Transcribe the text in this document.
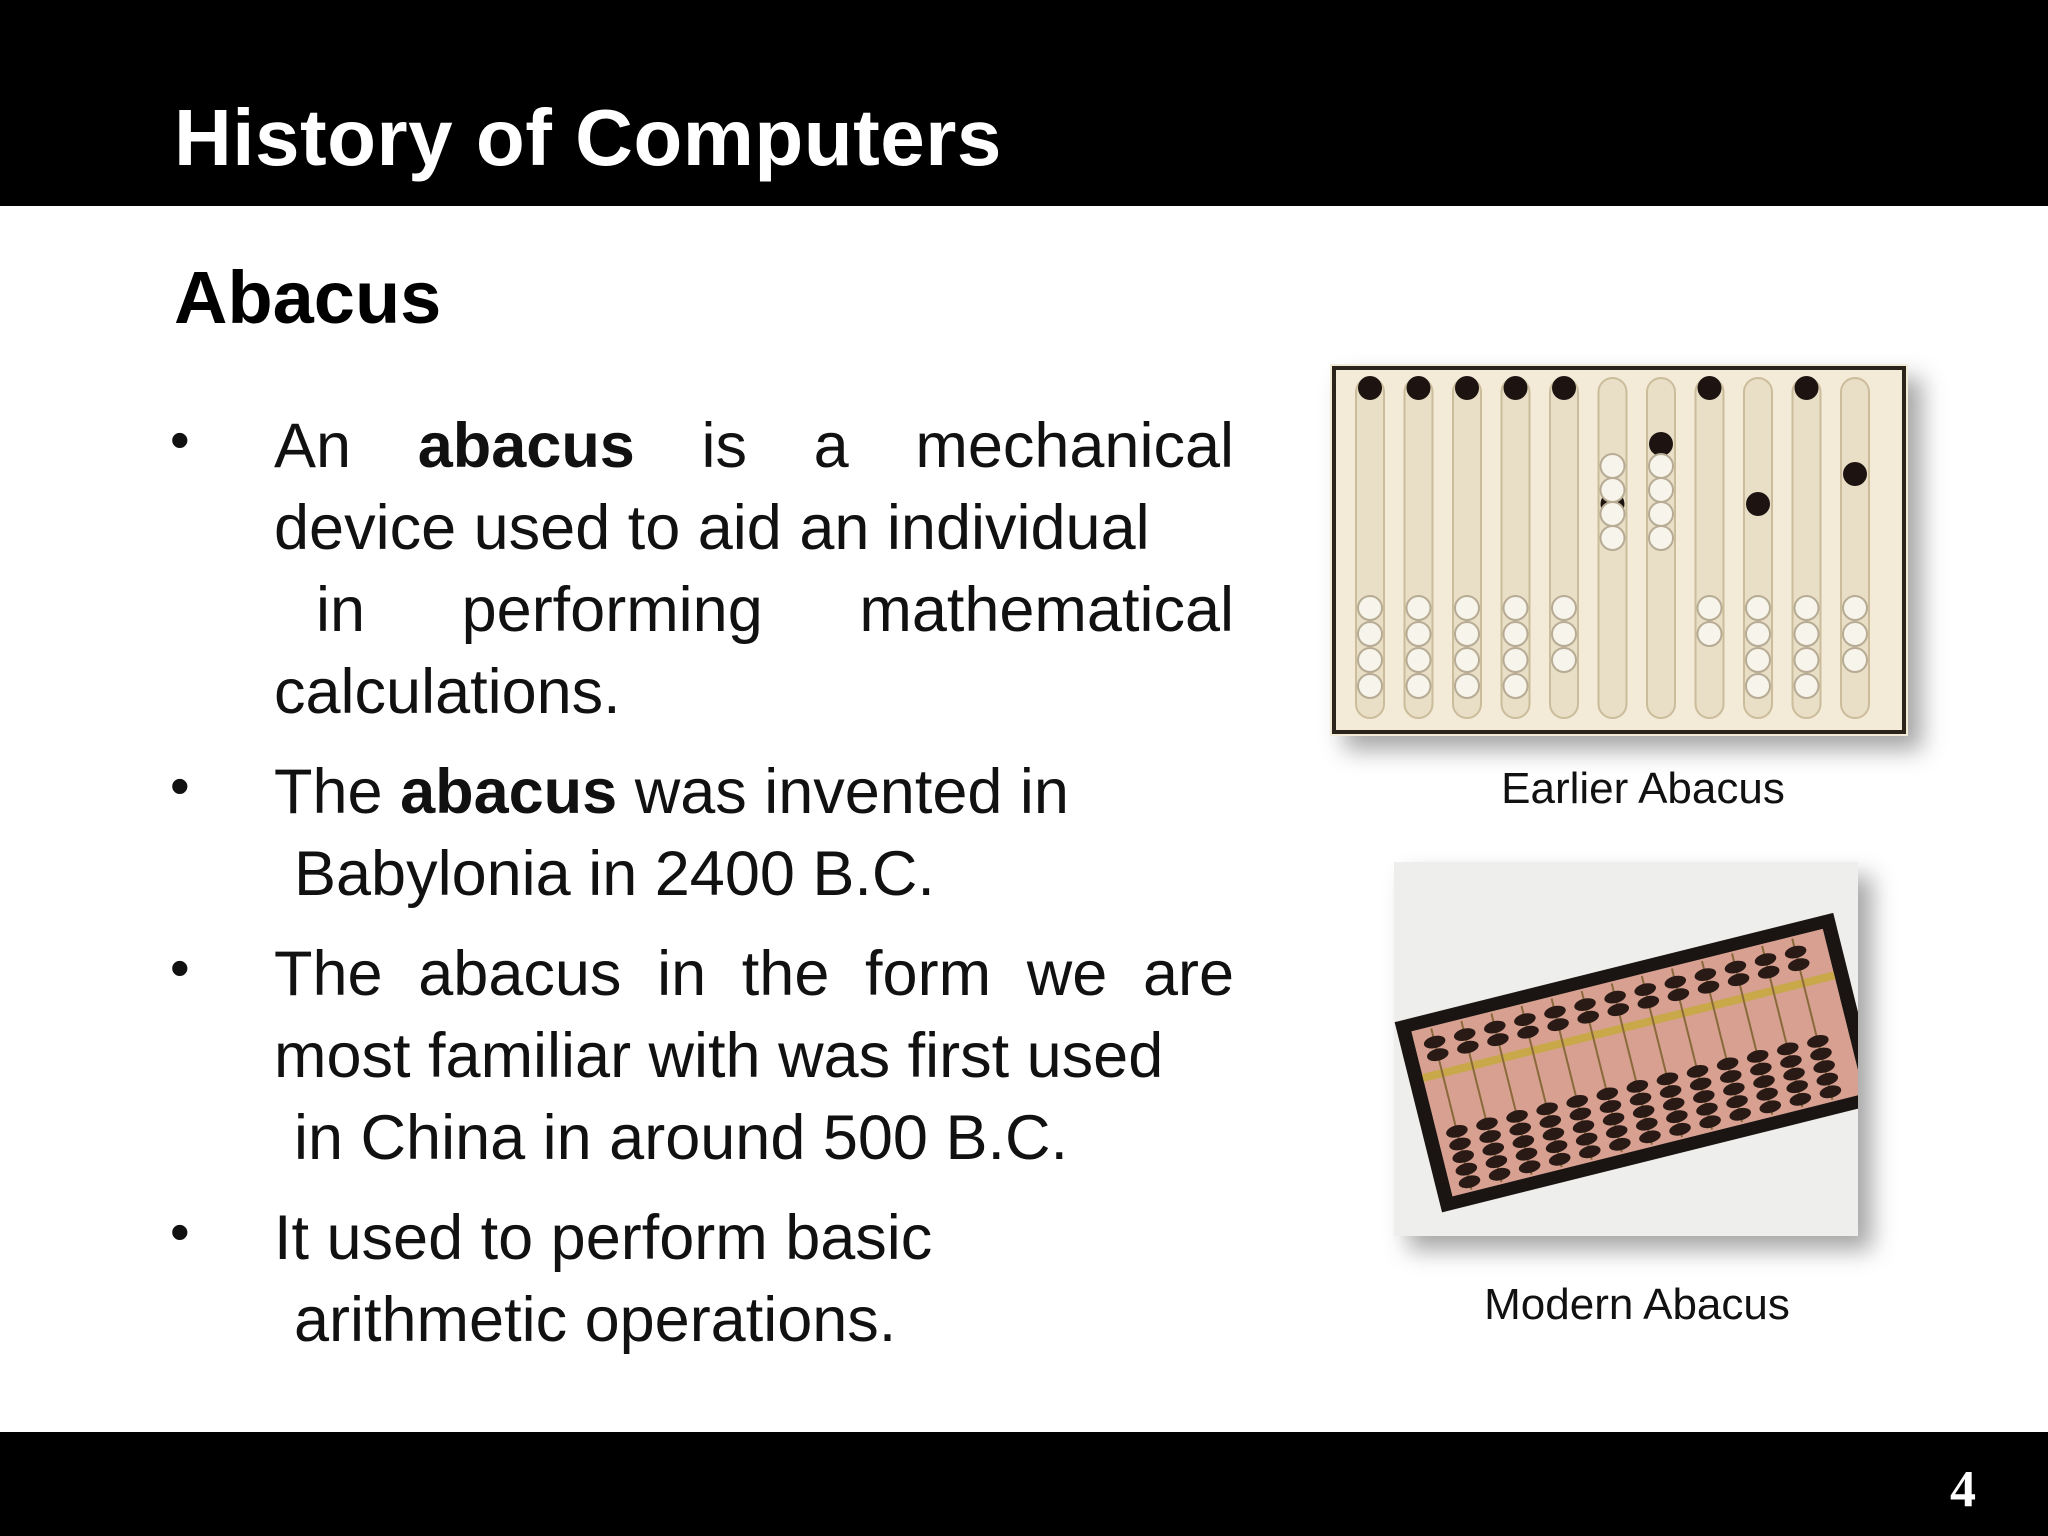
History of Computers
Abacus
• An abacus is a mechanical
device used to aid an individual
in performing mathematical
calculations.
• The abacus was invented in
Babylonia in 2400 B.C.
• The abacus in the form we are
most familiar with was first used
in China in around 500 B.C.
• It used to perform basic
arithmetic operations.
Earlier Abacus
Modern Abacus
4
